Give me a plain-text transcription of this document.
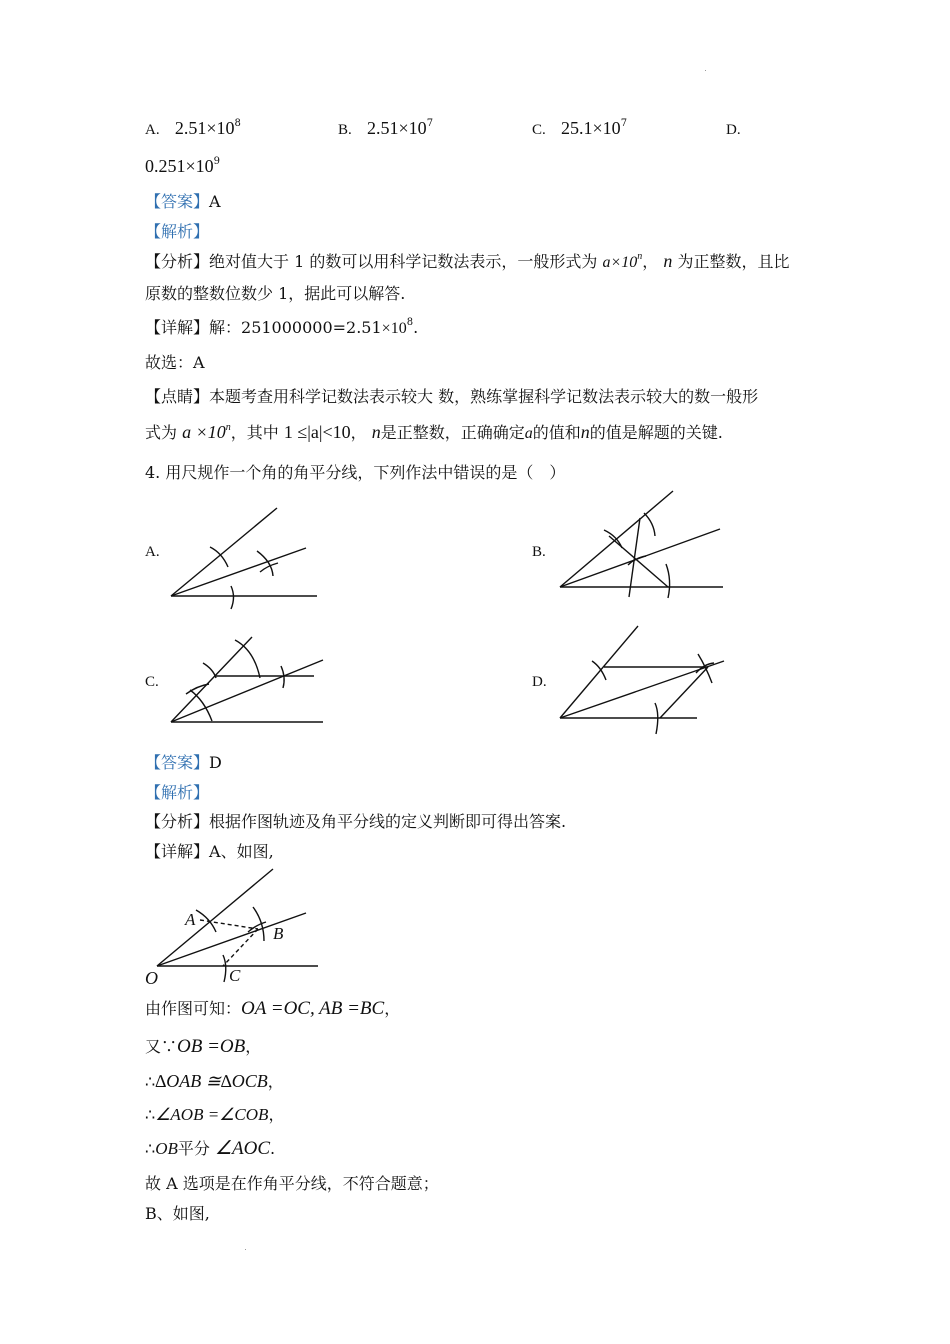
A. $2.51\times 10^8$	B. $2.51\times 10^7$	C. $25.1\times 10^7$	D.
$0.251\times 10^9$
【答案】A
【解析】
【分析】绝对值大于 1 的数可以用科学记数法表示，一般形式为 $a\times 10^n$， n 为正整数，且比
原数的整数位数少 1，据此可以解答.
【详解】解：$251000000=2.51\times 10^8$.
故选：A
【点睛】本题考查用科学记数法表示较大 数，熟练掌握科学记数法表示较大的数一般形
式为 $a \times 10^n$，其中 1 ≤|a|<10， n是正整数，正确确定a的值和n的值是解题的关键.
4. 用尺规作一个角的角平分线，下列作法中错误的是（　）
A.	B.
C.	D.
【答案】D
【解析】
【分析】根据作图轨迹及角平分线的定义判断即可得出答案.
【详解】A、如图,
A
B
C
O
由作图可知：OA =OC, AB =BC，
又∵OB =OB，
∴∆OAB ≅∆OCB，
∴∠AOB =∠COB，
∴OB平分 ∠AOC.
故 A 选项是在作角平分线，不符合题意；
B、如图,
